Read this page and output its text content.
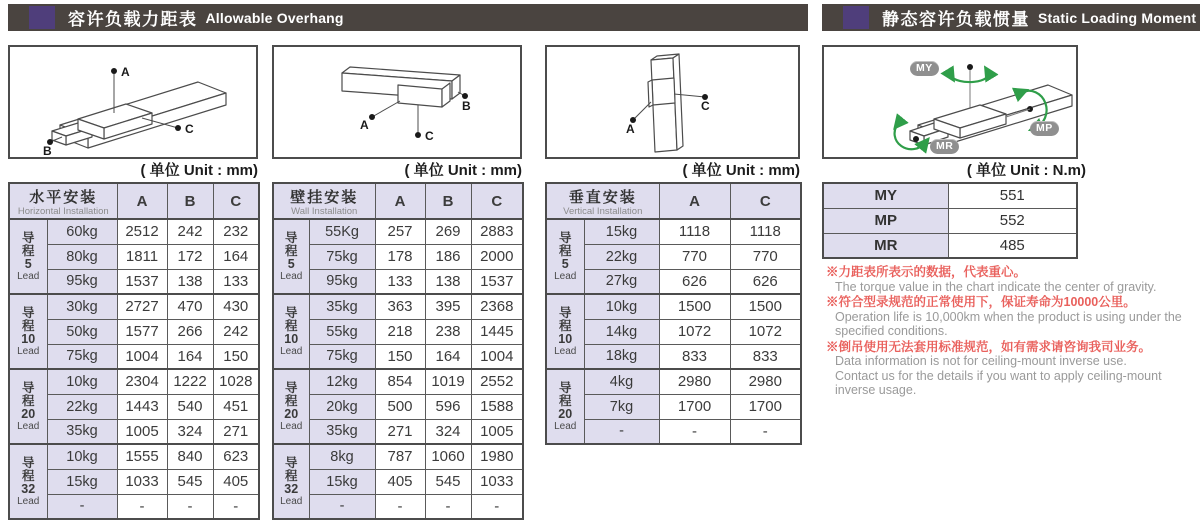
容许负载力距表 Allowable Overhang	静态容许负载惯量 Static Loading Moment
A
C
B
A
C
B
A
C
MY
MP
MR
( 单位 Unit : mm)	( 单位 Unit : mm)	( 单位 Unit : mm)	( 单位 Unit : N.m)
水平安装
Horizontal Installation		A	B	C

导
程
5
Lead	60kg	2512	242	232
	80kg	1811	172	164
	95kg	1537	138	133

导
程
10
Lead	30kg	2727	470	430
	50kg	1577	266	242
	75kg	1004	164	150

导
程
20
Lead	10kg	2304	1222	1028
	22kg	1443	540	451
	35kg	1005	324	271

导
程
32
Lead	10kg	1555	840	623
	15kg	1033	545	405
	-	-	-	-
壁挂安装
Wall Installation		A	B	C

导
程
5
Lead	55Kg	257	269	2883
	75kg	178	186	2000
	95kg	133	138	1537

导
程
10
Lead	35kg	363	395	2368
	55kg	218	238	1445
	75kg	150	164	1004

导
程
20
Lead	12kg	854	1019	2552
	20kg	500	596	1588
	35kg	271	324	1005

导
程
32
Lead	8kg	787	1060	1980
	15kg	405	545	1033
	-	-	-	-
垂直安装
Vertical Installation		A	C

导
程
5
Lead	15kg	1118	1118
	22kg	770	770
	27kg	626	626

导
程
10
Lead	10kg	1500	1500
	14kg	1072	1072
	18kg	833	833

导
程
20
Lead	4kg	2980	2980
	7kg	1700	1700
	-	-	-
MY	551
MP	552
MR	485
※力距表所表示的数据，代表重心。
The torque value in the chart indicate the center of gravity.
※符合型录规范的正常使用下，保证寿命为10000公里。
Operation life is 10,000km when the product is using under the
specified conditions.
※倒吊使用无法套用标准规范，如有需求请咨询我司业务。
Data information is not for ceiling-mount inverse use.
Contact us for the details if you want to apply ceiling-mount
inverse usage.
